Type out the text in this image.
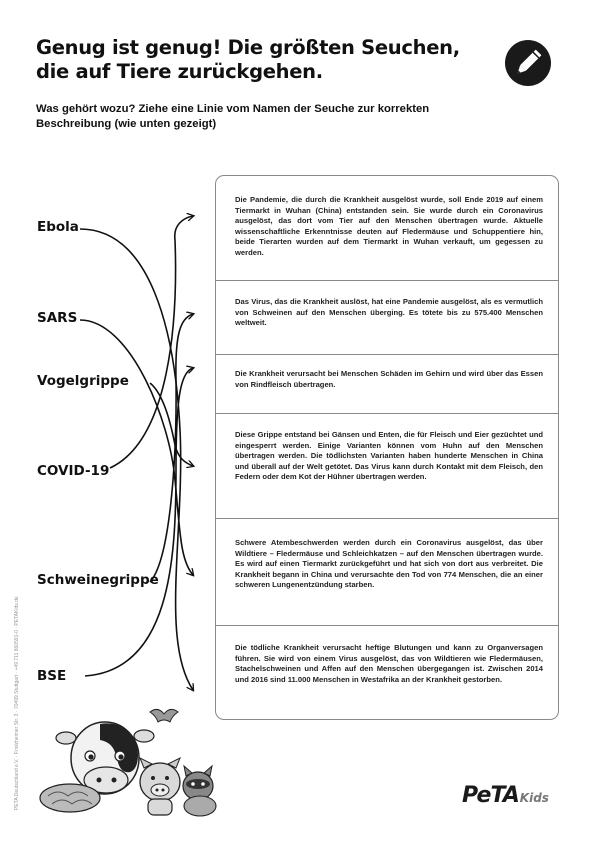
Genug ist genug! Die größten Seuchen, die auf Tiere zurückgehen.
Was gehört wozu? Ziehe eine Linie vom Namen der Seuche zur korrekten Beschreibung (wie unten gezeigt)
Ebola
SARS
Vogelgrippe
COVID-19
Schweinegrippe
BSE
Die Pandemie, die durch die Krankheit ausgelöst wurde, soll Ende 2019 auf einem Tiermarkt in Wuhan (China) entstanden sein. Sie wurde durch ein Coronavirus ausgelöst, das dort vom Tier auf den Menschen übertragen wurde. Aktuelle wissenschaftliche Erkenntnisse deuten auf Fledermäuse und Schuppentiere hin, beide Tierarten wurden auf dem Tiermarkt in Wuhan verkauft, um gegessen zu werden.
Das Virus, das die Krankheit auslöst, hat eine Pandemie ausgelöst, als es vermutlich von Schweinen auf den Menschen überging. Es tötete bis zu 575.400 Menschen weltweit.
Die Krankheit verursacht bei Menschen Schäden im Gehirn und wird über das Essen von Rindfleisch übertragen.
Diese Grippe entstand bei Gänsen und Enten, die für Fleisch und Eier gezüchtet und eingesperrt werden. Einige Varianten können vom Huhn auf den Menschen übertragen werden. Die tödlichsten Varianten haben hunderte Menschen in China und überall auf der Welt getötet. Das Virus kann durch Kontakt mit dem Fleisch, den Federn oder dem Kot der Hühner übertragen werden.
Schwere Atembeschwerden werden durch ein Coronavirus ausgelöst, das über Wildtiere – Fledermäuse und Schleichkatzen – auf den Menschen übertragen wurde. Es wird auf einen Tiermarkt zurückgeführt und hat sich von dort aus verbreitet. Die Krankheit begann in China und verursachte den Tod von 774 Menschen, die an einer schweren Lungenentzündung starben.
Die tödliche Krankheit verursacht heftige Blutungen und kann zu Organversagen führen. Sie wird von einem Virus ausgelöst, das von Wildtieren wie Fledermäusen, Stachelschweinen und Affen auf den Menschen übergegangen ist. Zwischen 2014 und 2016 sind 11.000 Menschen in Westafrika an der Krankheit gestorben.
PETA Deutschland e.V. · Friolzheimer Str. 3 · 70499 Stuttgart · +49 711 860591-0 · PETAKids.de	PeTAKids
